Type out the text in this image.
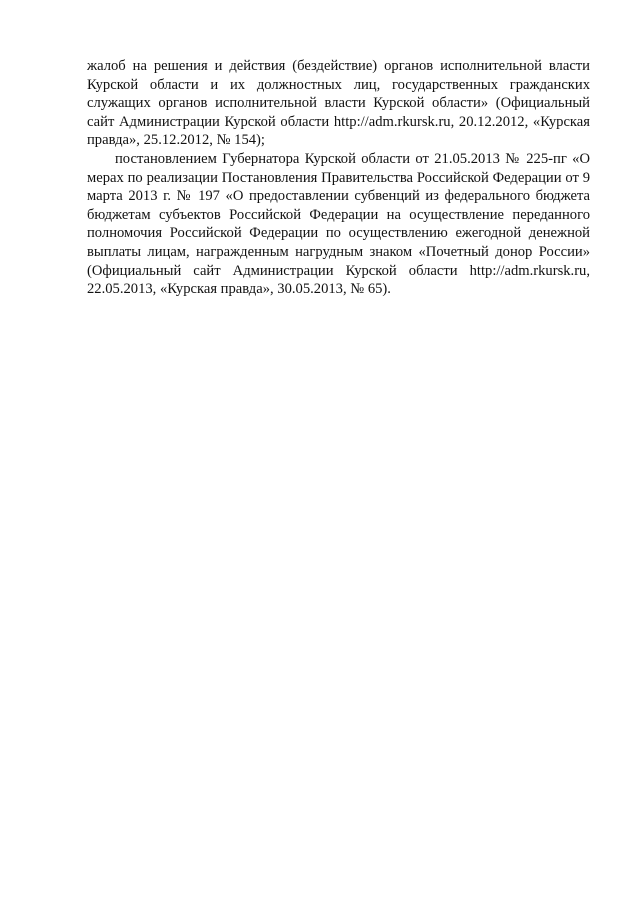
жалоб на решения и действия (бездействие) органов исполнительной власти Курской области и их должностных лиц, государственных гражданских служащих органов исполнительной власти Курской области» (Официальный сайт Администрации Курской области http://adm.rkursk.ru, 20.12.2012, «Курская правда», 25.12.2012, № 154);

постановлением Губернатора Курской области от 21.05.2013 № 225-пг «О мерах по реализации Постановления Правительства Российской Федерации от 9 марта 2013 г. № 197 «О предоставлении субвенций из федерального бюджета бюджетам субъектов Российской Федерации на осуществление переданного полномочия Российской Федерации по осуществлению ежегодной денежной выплаты лицам, награжденным нагрудным знаком «Почетный донор России» (Официальный сайт Администрации Курской области http://adm.rkursk.ru, 22.05.2013, «Курская правда», 30.05.2013, № 65).
